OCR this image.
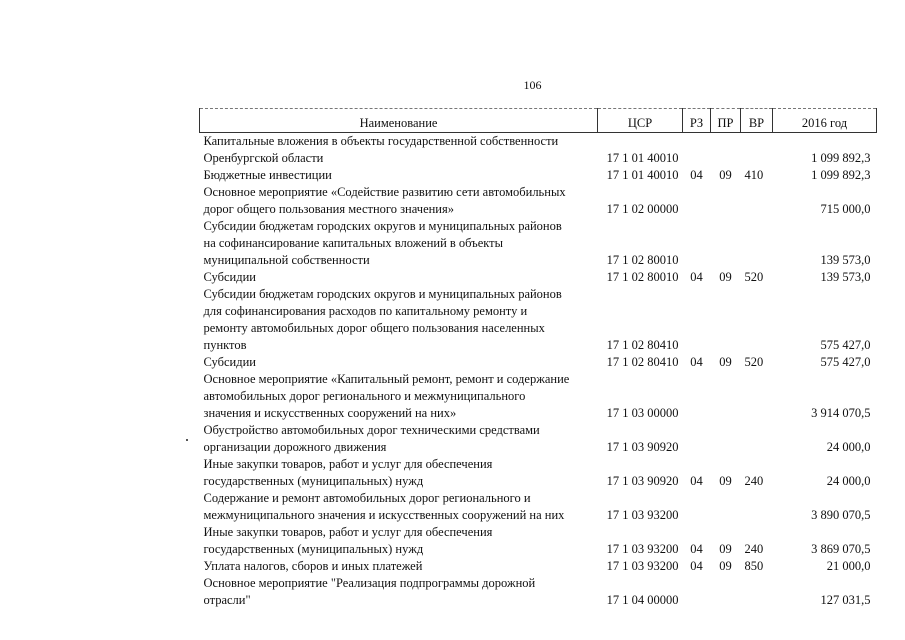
106
Наименование	ЦСР	РЗ	ПР	ВР	2016 год
Капитальные вложения в объекты государственной собственности					
Оренбургской области	17 1 01 40010				1 099 892,3
Бюджетные инвестиции	17 1 01 40010	04	09	410	1 099 892,3
Основное мероприятие «Содействие развитию сети автомобильных					
дорог общего пользования местного значения»	17 1 02 00000				715 000,0
Субсидии бюджетам городских округов и муниципальных районов					
на софинансирование капитальных вложений в объекты					
муниципальной собственности	17 1 02 80010				139 573,0
Субсидии	17 1 02 80010	04	09	520	139 573,0
Субсидии бюджетам городских округов и муниципальных районов					
для софинансирования расходов по капитальному ремонту и					
ремонту автомобильных дорог общего пользования населенных					
пунктов	17 1 02 80410				575 427,0
Субсидии	17 1 02 80410	04	09	520	575 427,0
Основное мероприятие «Капитальный ремонт, ремонт и содержание					
автомобильных дорог регионального и межмуниципального					
значения и искусственных сооружений на них»	17 1 03 00000				3 914 070,5
Обустройство автомобильных дорог техническими средствами					
организации дорожного движения	17 1 03 90920				24 000,0
Иные закупки товаров, работ и услуг для обеспечения					
государственных (муниципальных) нужд	17 1 03 90920	04	09	240	24 000,0
Содержание и ремонт автомобильных дорог регионального и					
межмуниципального значения и искусственных сооружений на них	17 1 03 93200				3 890 070,5
Иные закупки товаров, работ и услуг для обеспечения					
государственных (муниципальных) нужд	17 1 03 93200	04	09	240	3 869 070,5
Уплата налогов, сборов и иных платежей	17 1 03 93200	04	09	850	21 000,0
Основное мероприятие "Реализация подпрограммы дорожной					
отрасли"	17 1 04 00000				127 031,5
